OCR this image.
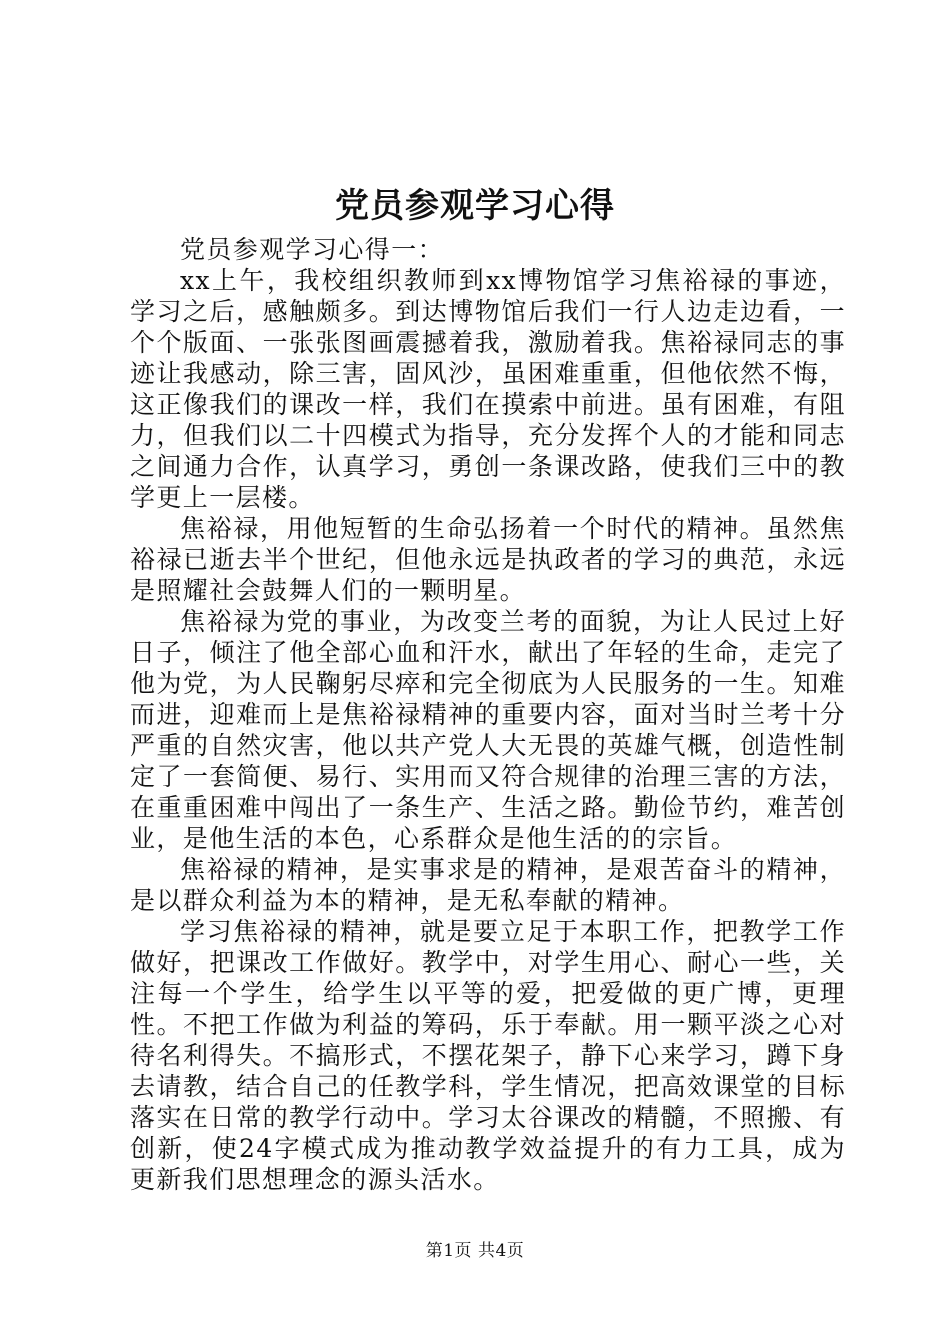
党员参观学习心得

党员参观学习心得一：

xx上午，我校组织教师到xx博物馆学习焦裕禄的事迹，学习之后，感触颇多。到达博物馆后我们一行人边走边看，一个个版面、一张张图画震撼着我，激励着我。焦裕禄同志的事迹让我感动，除三害，固风沙，虽困难重重，但他依然不悔，这正像我们的课改一样，我们在摸索中前进。虽有困难，有阻力，但我们以二十四模式为指导，充分发挥个人的才能和同志之间通力合作，认真学习，勇创一条课改路，使我们三中的教学更上一层楼。

焦裕禄，用他短暂的生命弘扬着一个时代的精神。虽然焦裕禄已逝去半个世纪，但他永远是执政者的学习的典范，永远是照耀社会鼓舞人们的一颗明星。

焦裕禄为党的事业，为改变兰考的面貌，为让人民过上好日子，倾注了他全部心血和汗水，献出了年轻的生命，走完了他为党，为人民鞠躬尽瘁和完全彻底为人民服务的一生。知难而进，迎难而上是焦裕禄精神的重要内容，面对当时兰考十分严重的自然灾害，他以共产党人大无畏的英雄气概，创造性制定了一套简便、易行、实用而又符合规律的治理三害的方法，在重重困难中闯出了一条生产、生活之路。勤俭节约，难苦创业，是他生活的本色，心系群众是他生活的的宗旨。

焦裕禄的精神，是实事求是的精神，是艰苦奋斗的精神，是以群众利益为本的精神，是无私奉献的精神。

学习焦裕禄的精神，就是要立足于本职工作，把教学工作做好，把课改工作做好。教学中，对学生用心、耐心一些，关注每一个学生，给学生以平等的爱，把爱做的更广博，更理性。不把工作做为利益的筹码，乐于奉献。用一颗平淡之心对待名利得失。不搞形式，不摆花架子，静下心来学习，蹲下身去请教，结合自己的任教学科，学生情况，把高效课堂的目标落实在日常的教学行动中。学习太谷课改的精髓，不照搬、有创新，使24字模式成为推动教学效益提升的有力工具，成为更新我们思想理念的源头活水。

第1页 共4页
